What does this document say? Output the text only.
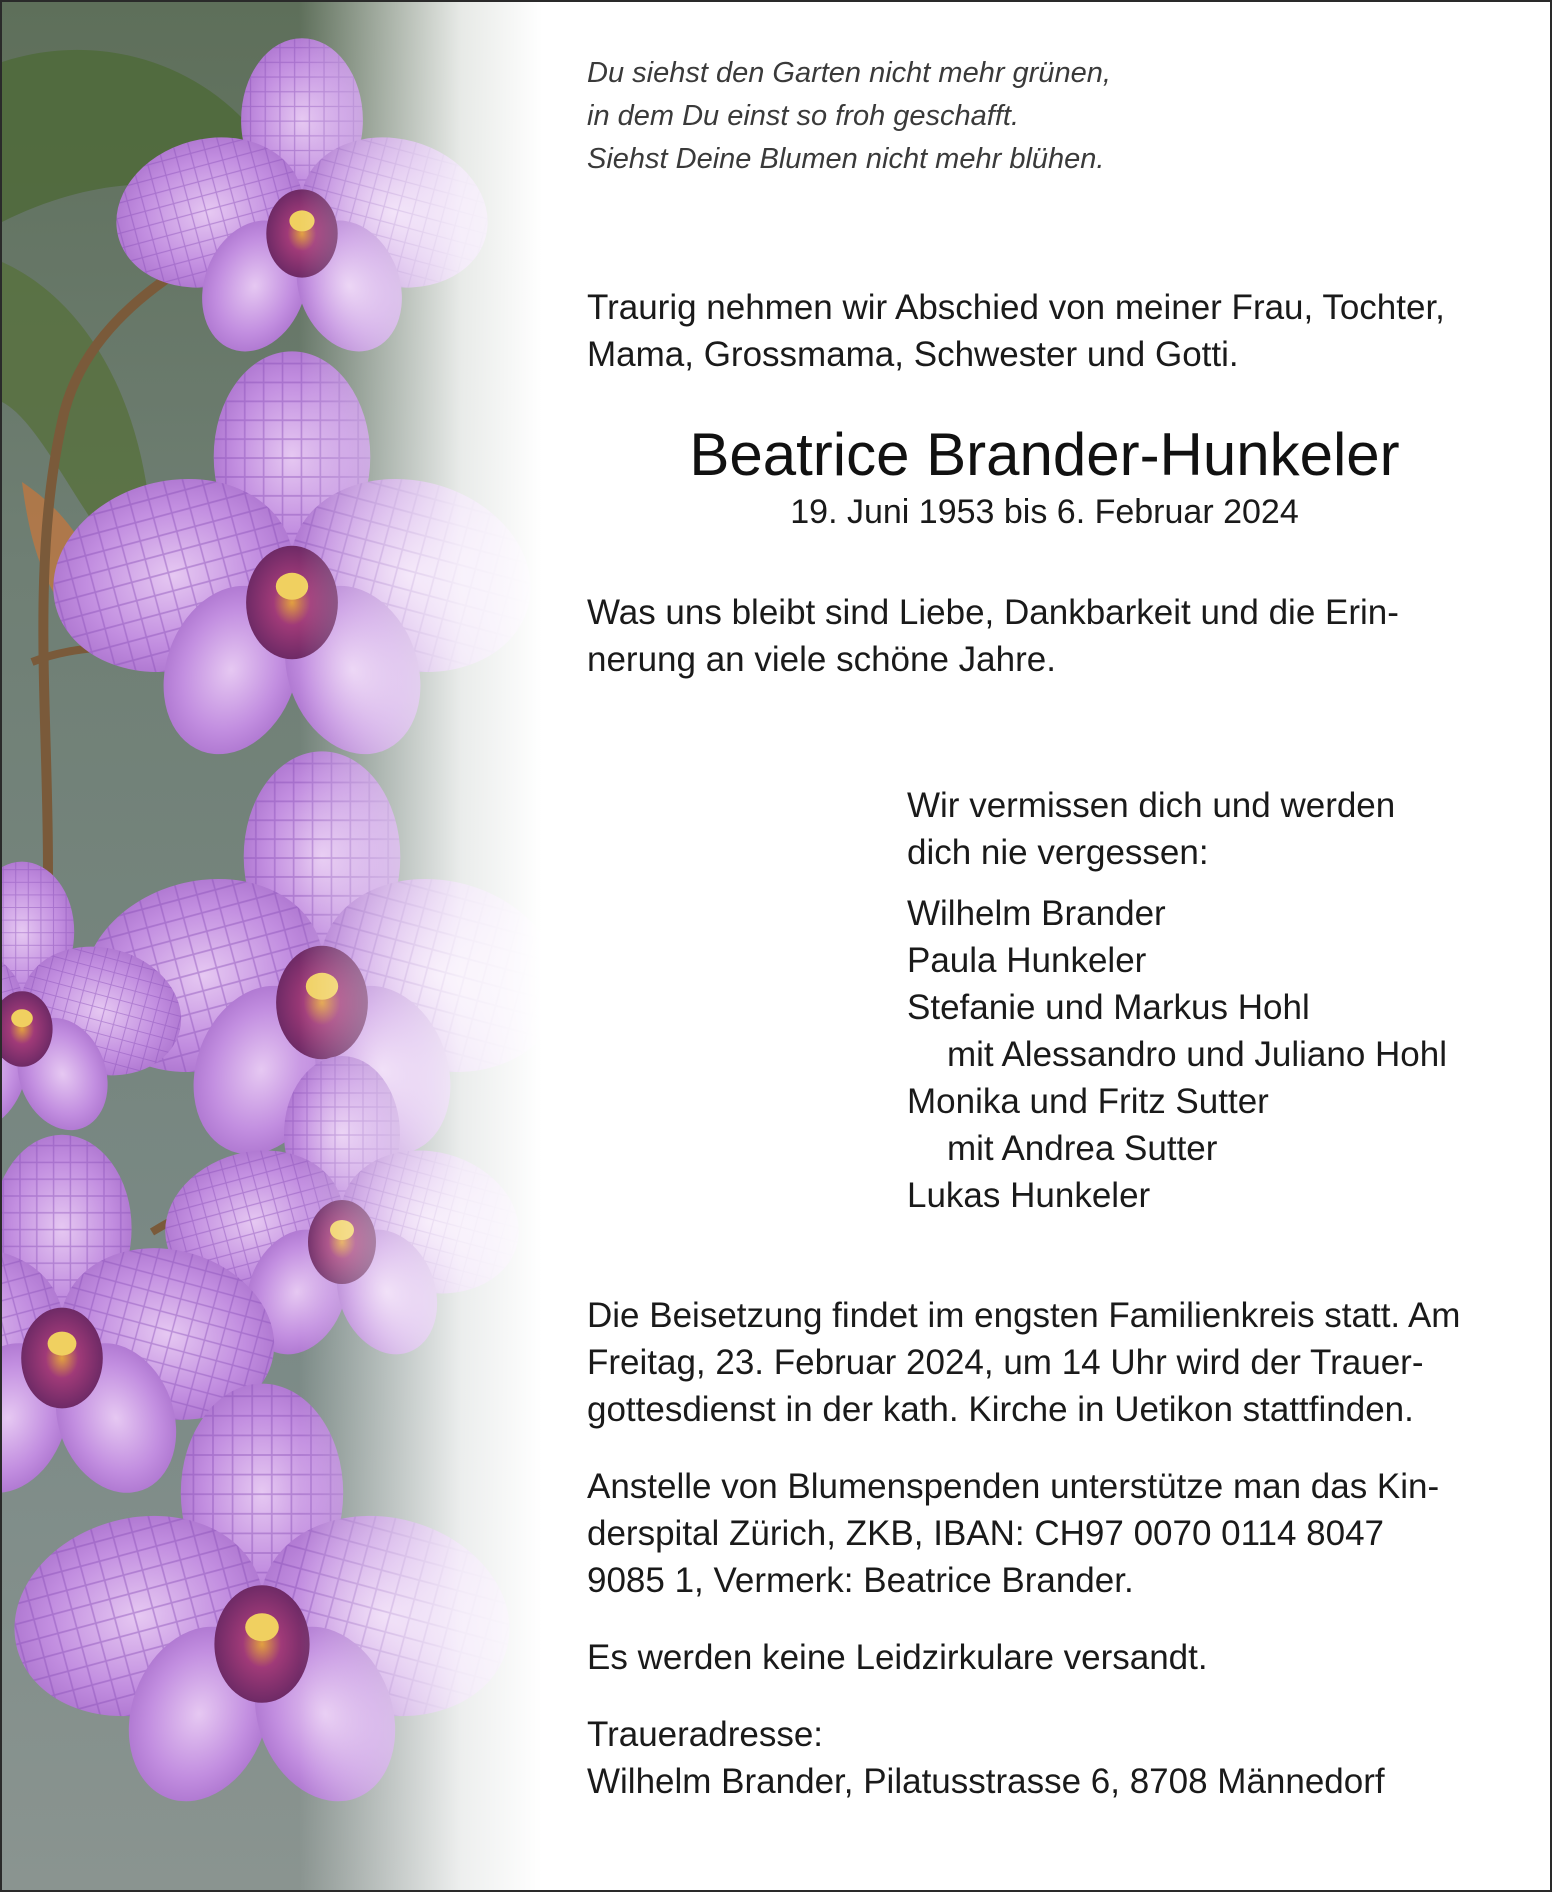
Du siehst den Garten nicht mehr grünen,

in dem Du einst so froh geschafft.

Siehst Deine Blumen nicht mehr blühen.

Traurig nehmen wir Abschied von meiner Frau, Tochter,

Mama, Grossmama, Schwester und Gotti.

Beatrice Brander-Hunkeler

19. Juni 1953 bis 6. Februar 2024

Was uns bleibt sind Liebe, Dankbarkeit und die Erin-

nerung an viele schöne Jahre.

Wir vermissen dich und werden

dich nie vergessen:

Wilhelm Brander

Paula Hunkeler

Stefanie und Markus Hohl

mit Alessandro und Juliano Hohl

Monika und Fritz Sutter

mit Andrea Sutter

Lukas Hunkeler

Die Beisetzung findet im engsten Familienkreis statt. Am

Freitag, 23. Februar 2024, um 14 Uhr wird der Trauer-

gottesdienst in der kath. Kirche in Uetikon stattfinden.

Anstelle von Blumenspenden unterstütze man das Kin-

derspital Zürich, ZKB, IBAN: CH97 0070 0114 8047

9085 1, Vermerk: Beatrice Brander.

Es werden keine Leidzirkulare versandt.

Traueradresse:

Wilhelm Brander, Pilatusstrasse 6, 8708 Männedorf
